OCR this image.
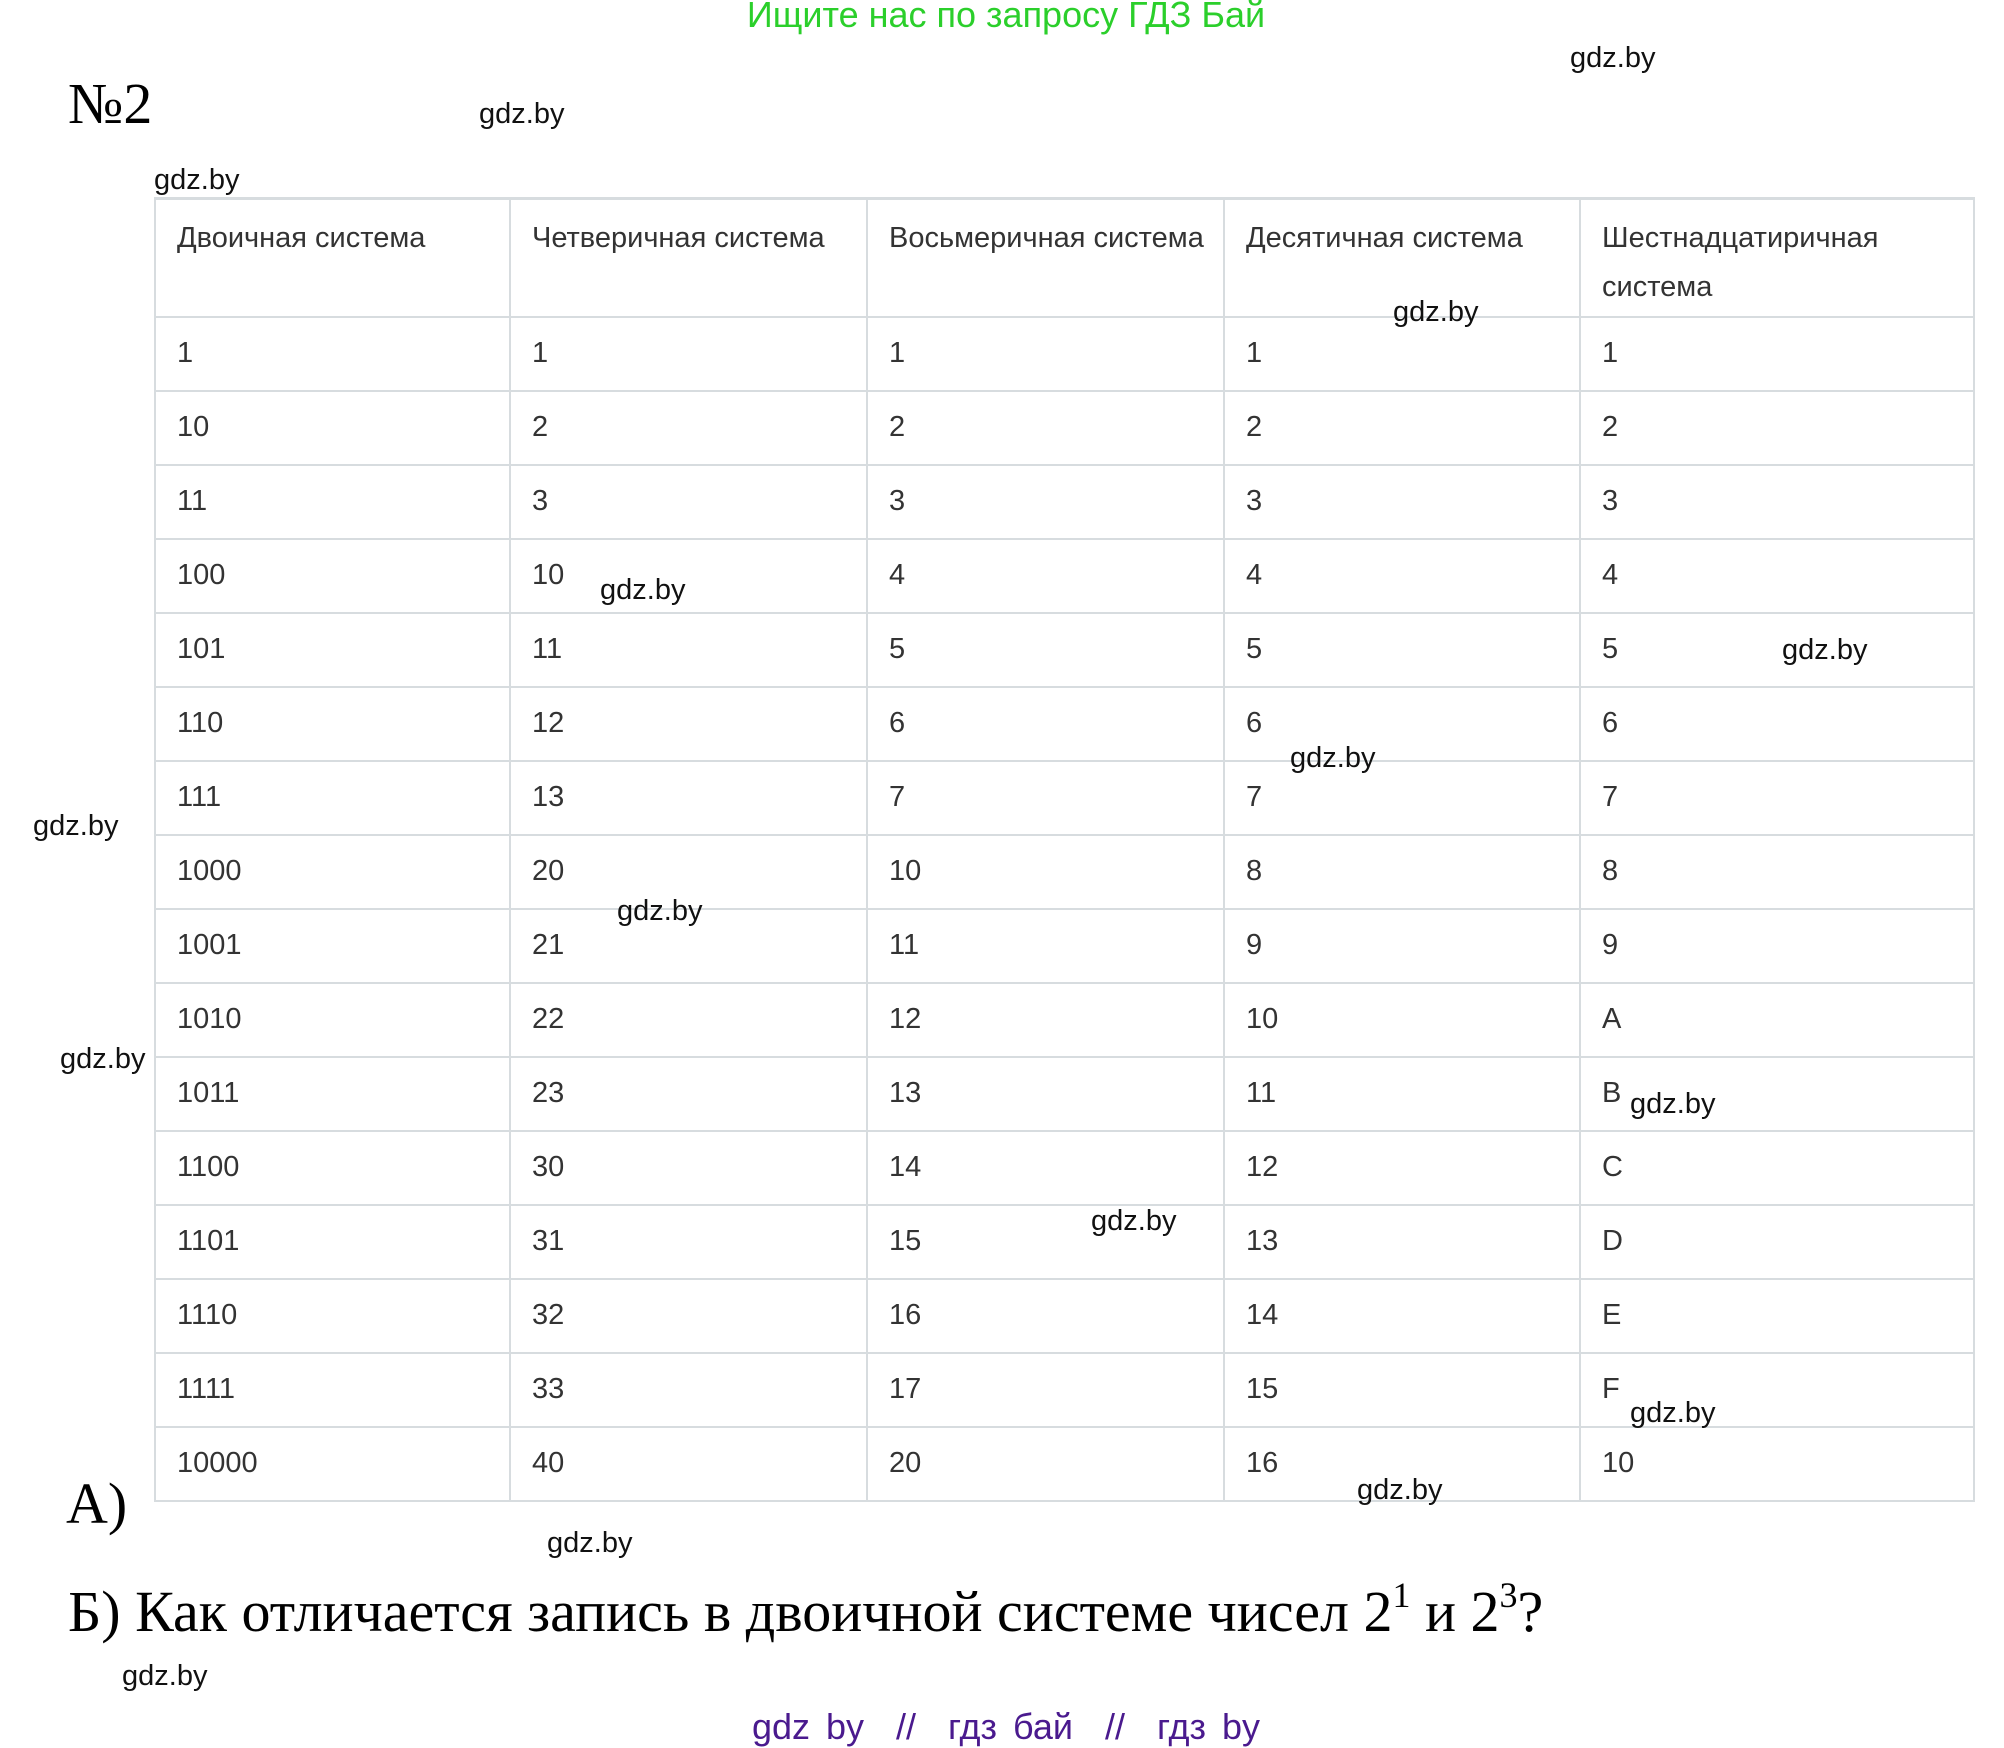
Ищите нас по запросу ГДЗ Бай
№2
Двоичная система	Четверичная система	Восьмеричная система	Десятичная система	Шестнадцатиричная система
1	1	1	1	1
10	2	2	2	2
11	3	3	3	3
100	10	4	4	4
101	11	5	5	5
110	12	6	6	6
111	13	7	7	7
1000	20	10	8	8
1001	21	11	9	9
1010	22	12	10	A
1011	23	13	11	B
1100	30	14	12	C
1101	31	15	13	D
1110	32	16	14	E
1111	33	17	15	F
10000	40	20	16	10
А)
Б) Как отличается запись в двоичной системе чисел $2^1$ и $2^3$?
gdz by  //  гдз бай  //  гдз by
gdz.by
gdz.by
gdz.by
gdz.by
gdz.by
gdz.by
gdz.by
gdz.by
gdz.by
gdz.by
gdz.by
gdz.by
gdz.by
gdz.by
gdz.by
gdz.by
